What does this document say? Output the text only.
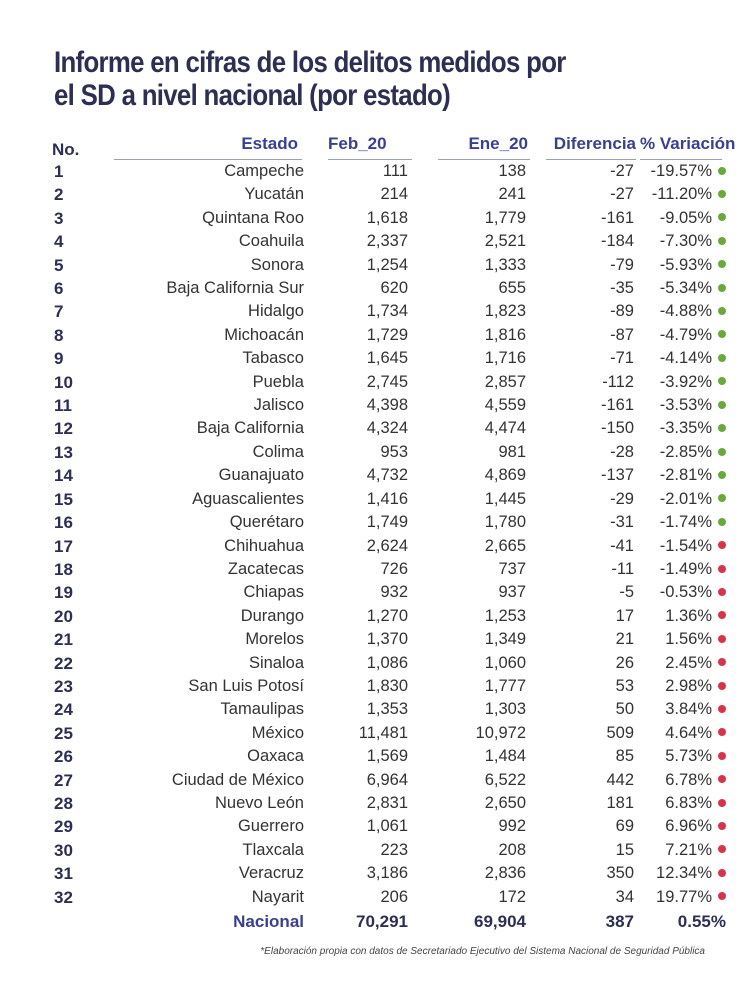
Informe en cifras de los delitos medidos por
el SD a nivel nacional (por estado)
No.	Estado	Feb_20	Ene_20	Diferencia	% Variación

1	Campeche	111	138	-27	-19.57%
2	Yucatán	214	241	-27	-11.20%
3	Quintana Roo	1,618	1,779	-161	-9.05%
4	Coahuila	2,337	2,521	-184	-7.30%
5	Sonora	1,254	1,333	-79	-5.93%
6	Baja California Sur	620	655	-35	-5.34%
7	Hidalgo	1,734	1,823	-89	-4.88%
8	Michoacán	1,729	1,816	-87	-4.79%
9	Tabasco	1,645	1,716	-71	-4.14%
10	Puebla	2,745	2,857	-112	-3.92%
11	Jalisco	4,398	4,559	-161	-3.53%
12	Baja California	4,324	4,474	-150	-3.35%
13	Colima	953	981	-28	-2.85%
14	Guanajuato	4,732	4,869	-137	-2.81%
15	Aguascalientes	1,416	1,445	-29	-2.01%
16	Querétaro	1,749	1,780	-31	-1.74%
17	Chihuahua	2,624	2,665	-41	-1.54%
18	Zacatecas	726	737	-11	-1.49%
19	Chiapas	932	937	-5	-0.53%
20	Durango	1,270	1,253	17	1.36%
21	Morelos	1,370	1,349	21	1.56%
22	Sinaloa	1,086	1,060	26	2.45%
23	San Luis Potosí	1,830	1,777	53	2.98%
24	Tamaulipas	1,353	1,303	50	3.84%
25	México	11,481	10,972	509	4.64%
26	Oaxaca	1,569	1,484	85	5.73%
27	Ciudad de México	6,964	6,522	442	6.78%
28	Nuevo León	2,831	2,650	181	6.83%
29	Guerrero	1,061	992	69	6.96%
30	Tlaxcala	223	208	15	7.21%
31	Veracruz	3,186	2,836	350	12.34%
32	Nayarit	206	172	34	19.77%
	Nacional	70,291	69,904	387	0.55%
*Elaboración propia con datos de Secretariado Ejecutivo del Sistema Nacional de Seguridad Pública
